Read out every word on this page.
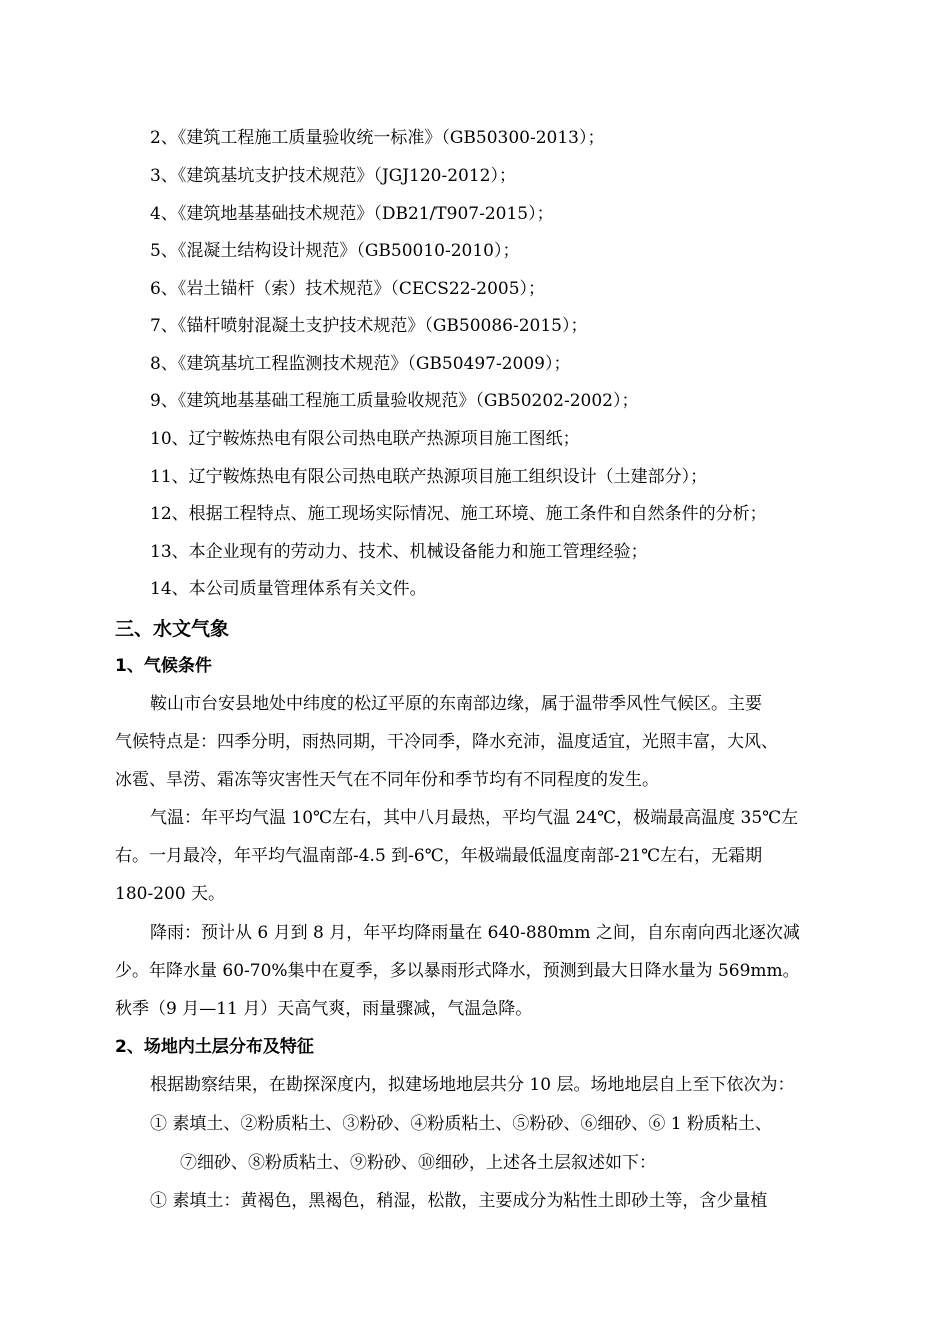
2、《建筑工程施工质量验收统一标准》（GB50300-2013）；
3、《建筑基坑支护技术规范》（JGJ120-2012）；
4、《建筑地基基础技术规范》（DB21/T907-2015）；
5、《混凝土结构设计规范》（GB50010-2010）；
6、《岩土锚杆（索）技术规范》（CECS22-2005）；
7、《锚杆喷射混凝土支护技术规范》（GB50086-2015）；
8、《建筑基坑工程监测技术规范》（GB50497-2009）；
9、《建筑地基基础工程施工质量验收规范》（GB50202-2002）；
10、辽宁鞍炼热电有限公司热电联产热源项目施工图纸；
11、辽宁鞍炼热电有限公司热电联产热源项目施工组织设计（土建部分）；
12、根据工程特点、施工现场实际情况、施工环境、施工条件和自然条件的分析；
13、本企业现有的劳动力、技术、机械设备能力和施工管理经验；
14、本公司质量管理体系有关文件。
三、水文气象
1、气候条件
鞍山市台安县地处中纬度的松辽平原的东南部边缘，属于温带季风性气候区。主要
气候特点是：四季分明，雨热同期，干冷同季，降水充沛，温度适宜，光照丰富，大风、
冰雹、旱涝、霜冻等灾害性天气在不同年份和季节均有不同程度的发生。
气温：年平均气温 10℃左右，其中八月最热，平均气温 24℃，极端最高温度 35℃左
右。一月最冷，年平均气温南部-4.5 到-6℃，年极端最低温度南部-21℃左右，无霜期
180-200 天。
降雨：预计从 6 月到 8 月，年平均降雨量在 640-880mm 之间，自东南向西北逐次减
少。年降水量 60-70%集中在夏季，多以暴雨形式降水，预测到最大日降水量为 569mm。
秋季（9 月—11 月）天高气爽，雨量骤减，气温急降。
2、场地内土层分布及特征
根据勘察结果，在勘探深度内，拟建场地地层共分 10 层。场地地层自上至下依次为：
① 素填土、②粉质粘土、③粉砂、④粉质粘土、⑤粉砂、⑥细砂、⑥ 1 粉质粘土、
⑦细砂、⑧粉质粘土、⑨粉砂、⑩细砂，上述各土层叙述如下：
① 素填土：黄褐色，黑褐色，稍湿，松散，主要成分为粘性土即砂土等，含少量植
